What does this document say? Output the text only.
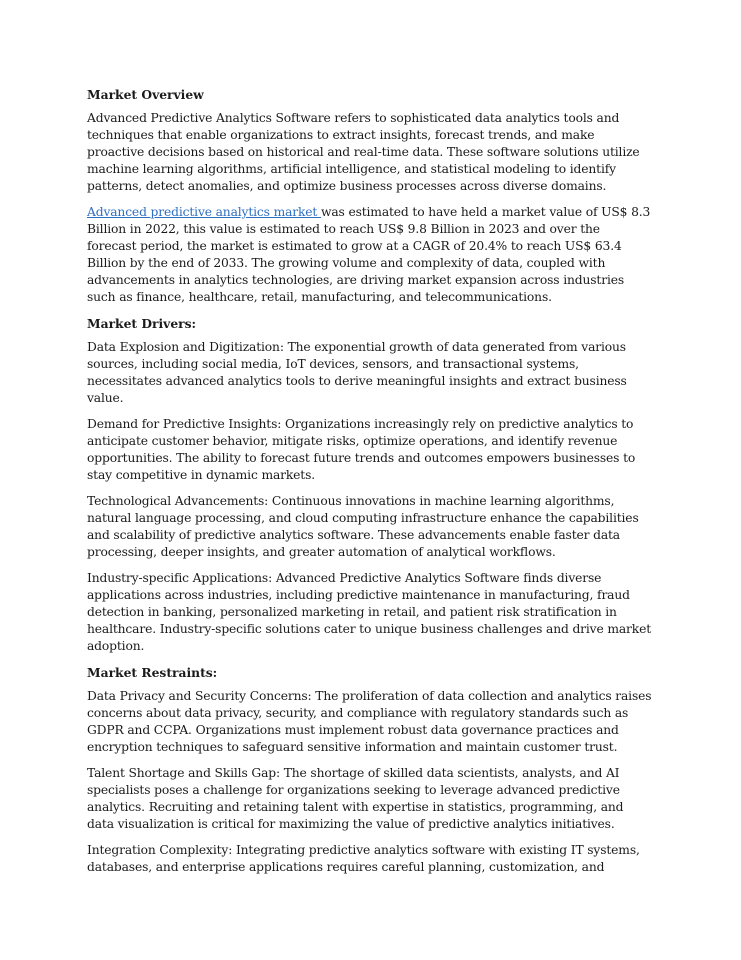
Market Overview

Advanced Predictive Analytics Software refers to sophisticated data analytics tools and techniques that enable organizations to extract insights, forecast trends, and make proactive decisions based on historical and real-time data. These software solutions utilize machine learning algorithms, artificial intelligence, and statistical modeling to identify patterns, detect anomalies, and optimize business processes across diverse domains.

Advanced predictive analytics market was estimated to have held a market value of US$ 8.3 Billion in 2022, this value is estimated to reach US$ 9.8 Billion in 2023 and over the forecast period, the market is estimated to grow at a CAGR of 20.4% to reach US$ 63.4 Billion by the end of 2033. The growing volume and complexity of data, coupled with advancements in analytics technologies, are driving market expansion across industries such as finance, healthcare, retail, manufacturing, and telecommunications.

Market Drivers:

Data Explosion and Digitization: The exponential growth of data generated from various sources, including social media, IoT devices, sensors, and transactional systems, necessitates advanced analytics tools to derive meaningful insights and extract business value.

Demand for Predictive Insights: Organizations increasingly rely on predictive analytics to anticipate customer behavior, mitigate risks, optimize operations, and identify revenue opportunities. The ability to forecast future trends and outcomes empowers businesses to stay competitive in dynamic markets.

Technological Advancements: Continuous innovations in machine learning algorithms, natural language processing, and cloud computing infrastructure enhance the capabilities and scalability of predictive analytics software. These advancements enable faster data processing, deeper insights, and greater automation of analytical workflows.

Industry-specific Applications: Advanced Predictive Analytics Software finds diverse applications across industries, including predictive maintenance in manufacturing, fraud detection in banking, personalized marketing in retail, and patient risk stratification in healthcare. Industry-specific solutions cater to unique business challenges and drive market adoption.

Market Restraints:

Data Privacy and Security Concerns: The proliferation of data collection and analytics raises concerns about data privacy, security, and compliance with regulatory standards such as GDPR and CCPA. Organizations must implement robust data governance practices and encryption techniques to safeguard sensitive information and maintain customer trust.

Talent Shortage and Skills Gap: The shortage of skilled data scientists, analysts, and AI specialists poses a challenge for organizations seeking to leverage advanced predictive analytics. Recruiting and retaining talent with expertise in statistics, programming, and data visualization is critical for maximizing the value of predictive analytics initiatives.

Integration Complexity: Integrating predictive analytics software with existing IT systems, databases, and enterprise applications requires careful planning, customization, and
